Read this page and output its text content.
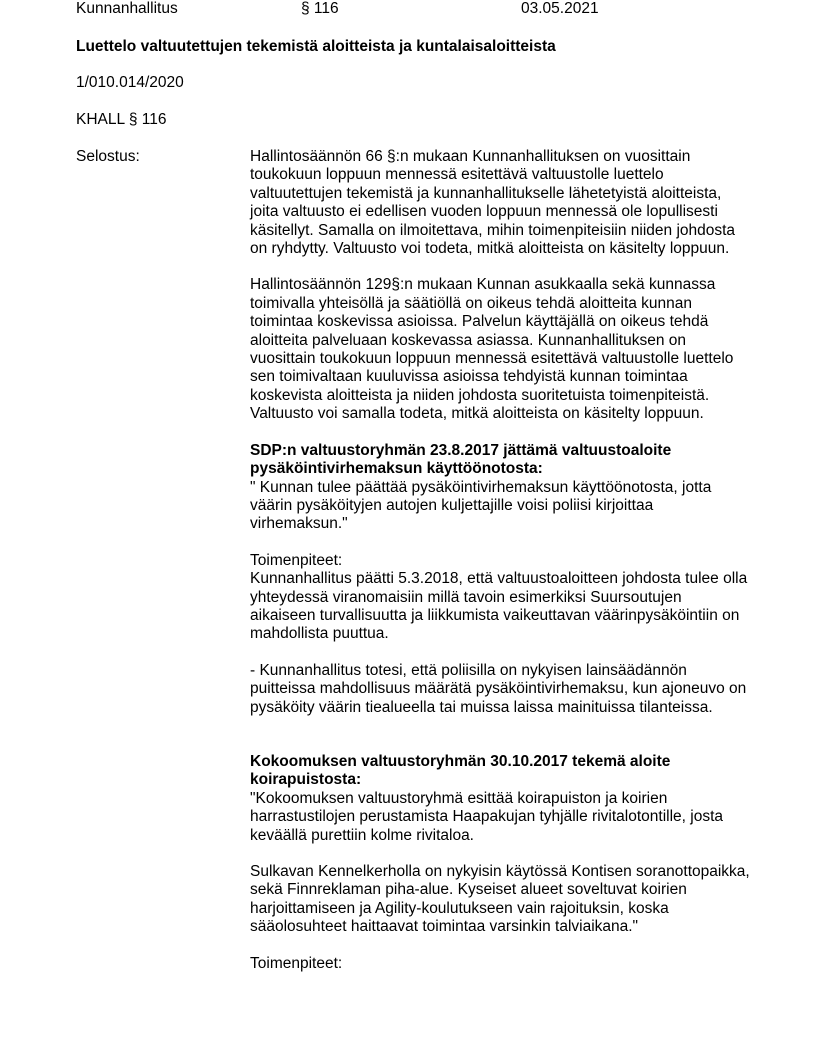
Kunnanhallitus	§ 116	03.05.2021
Luettelo valtuutettujen tekemistä aloitteista ja kuntalaisaloitteista
1/010.014/2020
KHALL § 116
Selostus:	Hallintosäännön 66 §:n mukaan Kunnanhallituksen on vuosittain toukokuun loppuun mennessä esitettävä valtuustolle luettelo valtuutettujen tekemistä ja kunnanhallitukselle lähetetyistä aloitteista, joita valtuusto ei edellisen vuoden loppuun mennessä ole lopullisesti käsitellyt. Samalla on ilmoitettava, mihin toimenpiteisiin niiden johdosta on ryhdytty. Valtuusto voi todeta, mitkä aloitteista on käsitelty loppuun.

Hallintosäännön 129§:n mukaan Kunnan asukkaalla sekä kunnassa toimivalla yhteisöllä ja säätiöllä on oikeus tehdä aloitteita kunnan toimintaa koskevissa asioissa. Palvelun käyttäjällä on oikeus tehdä aloitteita palveluaan koskevassa asiassa. Kunnanhallituksen on vuosittain toukokuun loppuun mennessä esitettävä valtuustolle luettelo sen toimivaltaan kuuluvissa asioissa tehdyistä kunnan toimintaa koskevista aloitteista ja niiden johdosta suoritetuista toimenpiteistä. Valtuusto voi samalla todeta, mitkä aloitteista on käsitelty loppuun.

SDP:n valtuustoryhmän 23.8.2017 jättämä valtuustoaloite pysäköintivirhemaksun käyttöönotosta:

" Kunnan tulee päättää pysäköintivirhemaksun käyttöönotosta, jotta väärin pysäköityjen autojen kuljettajille voisi poliisi kirjoittaa virhemaksun."

Toimenpiteet:

Kunnanhallitus päätti 5.3.2018, että valtuustoaloitteen johdosta tulee olla yhteydessä viranomaisiin millä tavoin esimerkiksi Suursoutujen aikaiseen turvallisuutta ja liikkumista vaikeuttavan väärinpysäköintiin on mahdollista puuttua.

- Kunnanhallitus totesi, että poliisilla on nykyisen lainsäädännön puitteissa mahdollisuus määrätä pysäköintivirhemaksu, kun ajoneuvo on pysäköity väärin tiealueella tai muissa laissa mainituissa tilanteissa.

Kokoomuksen valtuustoryhmän 30.10.2017 tekemä aloite koirapuistosta:

"Kokoomuksen valtuustoryhmä esittää koirapuiston ja koirien harrastustilojen perustamista Haapakujan tyhjälle rivitalotontille, josta keväällä purettiin kolme rivitaloa.

Sulkavan Kennelkerholla on nykyisin käytössä Kontisen soranottopaikka, sekä Finnreklaman piha-alue. Kyseiset alueet soveltuvat koirien harjoittamiseen ja Agility-koulutukseen vain rajoituksin, koska sääolosuhteet haittaavat toimintaa varsinkin talviaikana."

Toimenpiteet:
